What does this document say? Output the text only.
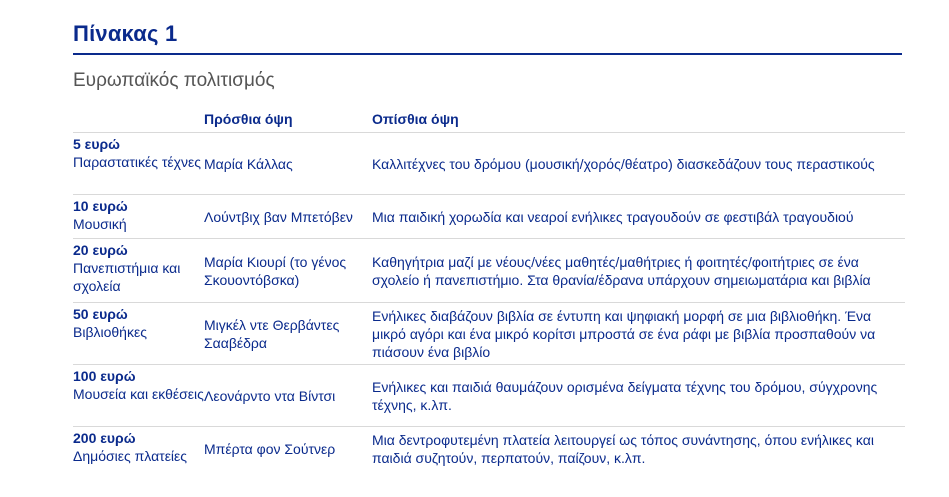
Πίνακας 1
Ευρωπαϊκός πολιτισμός
	Πρόσθια όψη	Οπίσθια όψη

5 ευρώ
Παραστατικές τέχνες	Μαρία Κάλλας	Καλλιτέχνες του δρόμου (μουσική/χορός/θέατρο) διασκεδάζουν τους περαστικούς

10 ευρώ
Μουσική	Λούντβιχ βαν Μπετόβεν	Μια παιδική χορωδία και νεαροί ενήλικες τραγουδούν σε φεστιβάλ τραγουδιού

20 ευρώ
Πανεπιστήμια και σχολεία	Μαρία Κιουρί (το γένος Σκουοντόβσκα)	Καθηγήτρια μαζί με νέους/νέες μαθητές/μαθήτριες ή φοιτητές/φοιτήτριες σε ένα σχολείο ή πανεπιστήμιο. Στα θρανία/έδρανα υπάρχουν σημειωματάρια και βιβλία

50 ευρώ
Βιβλιοθήκες	Μιγκέλ ντε Θερβάντες Σααβέδρα	Ενήλικες διαβάζουν βιβλία σε έντυπη και ψηφιακή μορφή σε μια βιβλιοθήκη. Ένα μικρό αγόρι και ένα μικρό κορίτσι μπροστά σε ένα ράφι με βιβλία προσπαθούν να πιάσουν ένα βιβλίο

100 ευρώ
Μουσεία και εκθέσεις	Λεονάρντο ντα Βίντσι	Ενήλικες και παιδιά θαυμάζουν ορισμένα δείγματα τέχνης του δρόμου, σύγχρονης τέχνης, κ.λπ.

200 ευρώ
Δημόσιες πλατείες	Μπέρτα φον Σούτνερ	Μια δεντροφυτεμένη πλατεία λειτουργεί ως τόπος συνάντησης, όπου ενήλικες και παιδιά συζητούν, περπατούν, παίζουν, κ.λπ.
